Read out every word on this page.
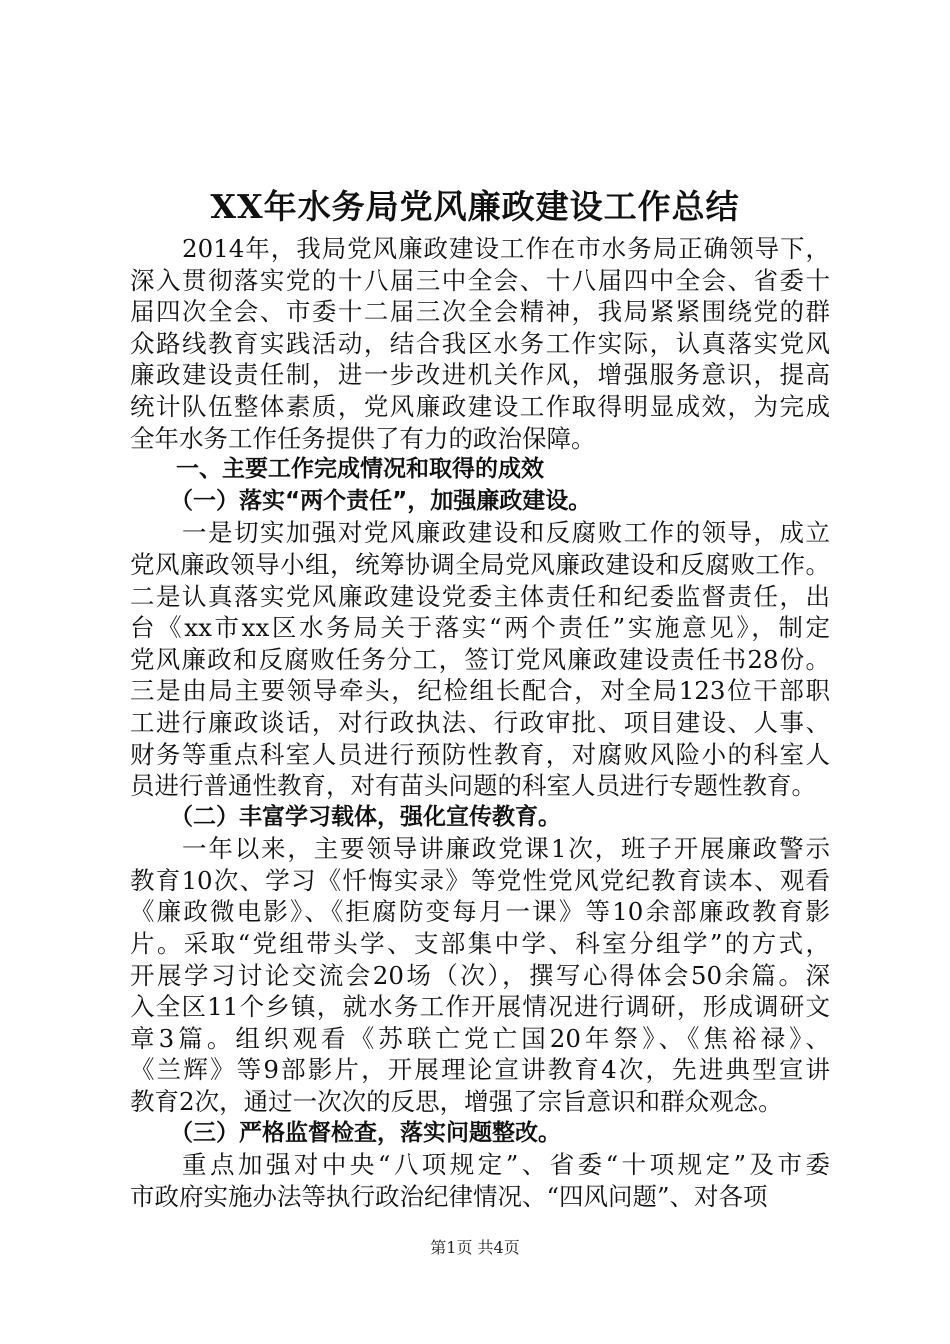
XX年水务局党风廉政建设工作总结
2014年，我局党风廉政建设工作在市水务局正确领导下，
深入贯彻落实党的十八届三中全会、十八届四中全会、省委十
届四次全会、市委十二届三次全会精神，我局紧紧围绕党的群
众路线教育实践活动，结合我区水务工作实际，认真落实党风
廉政建设责任制，进一步改进机关作风，增强服务意识，提高
统计队伍整体素质，党风廉政建设工作取得明显成效，为完成
全年水务工作任务提供了有力的政治保障。
一、主要工作完成情况和取得的成效
（一）落实“两个责任”，加强廉政建设。
一是切实加强对党风廉政建设和反腐败工作的领导，成立
党风廉政领导小组，统筹协调全局党风廉政建设和反腐败工作。
二是认真落实党风廉政建设党委主体责任和纪委监督责任，出
台《xx市xx区水务局关于落实“两个责任”实施意见》，制定
党风廉政和反腐败任务分工，签订党风廉政建设责任书28份。
三是由局主要领导牵头，纪检组长配合，对全局123位干部职
工进行廉政谈话，对行政执法、行政审批、项目建设、人事、
财务等重点科室人员进行预防性教育，对腐败风险小的科室人
员进行普通性教育，对有苗头问题的科室人员进行专题性教育。
（二）丰富学习载体，强化宣传教育。
一年以来，主要领导讲廉政党课1次，班子开展廉政警示
教育10次、学习《忏悔实录》等党性党风党纪教育读本、观看
《廉政微电影》、《拒腐防变每月一课》等10余部廉政教育影
片。采取“党组带头学、支部集中学、科室分组学”的方式，
开展学习讨论交流会20场（次），撰写心得体会50余篇。深
入全区11个乡镇，就水务工作开展情况进行调研，形成调研文
章3篇。组织观看《苏联亡党亡国20年祭》、《焦裕禄》、
《兰辉》等9部影片，开展理论宣讲教育4次，先进典型宣讲
教育2次，通过一次次的反思，增强了宗旨意识和群众观念。
（三）严格监督检查，落实问题整改。
重点加强对中央“八项规定”、省委“十项规定”及市委
市政府实施办法等执行政治纪律情况、“四风问题”、对各项
第1页 共4页
